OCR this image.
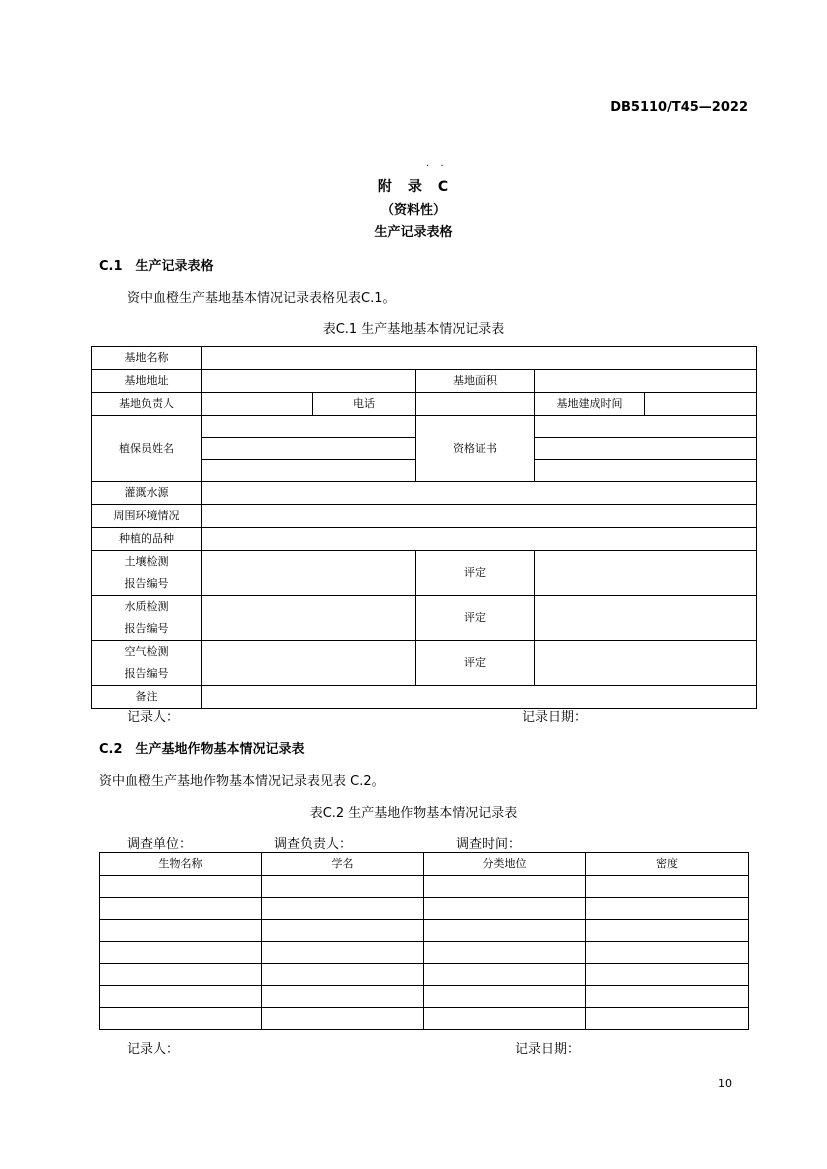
DB5110/T45—2022
. .
附　录　C
（资料性）
生产记录表格
C.1　生产记录表格
资中血橙生产基地基本情况记录表格见表C.1。
表C.1 生产基地基本情况记录表
基地名称					
基地地址			基地面积		
基地负责人		电话		基地建成时间	
植保员姓名			资格证书		

灌溉水源					
周围环境情况					
种植的品种					
土壤检测
报告编号			评定		
水质检测
报告编号			评定		
空气检测
报告编号			评定		
备注					
记录人：	记录日期：
C.2　生产基地作物基本情况记录表
资中血橙生产基地作物基本情况记录表见表 C.2。
表C.2 生产基地作物基本情况记录表
调查单位：	调查负责人：	调查时间：
生物名称	学名	分类地位	密度

记录人：	记录日期：
10
